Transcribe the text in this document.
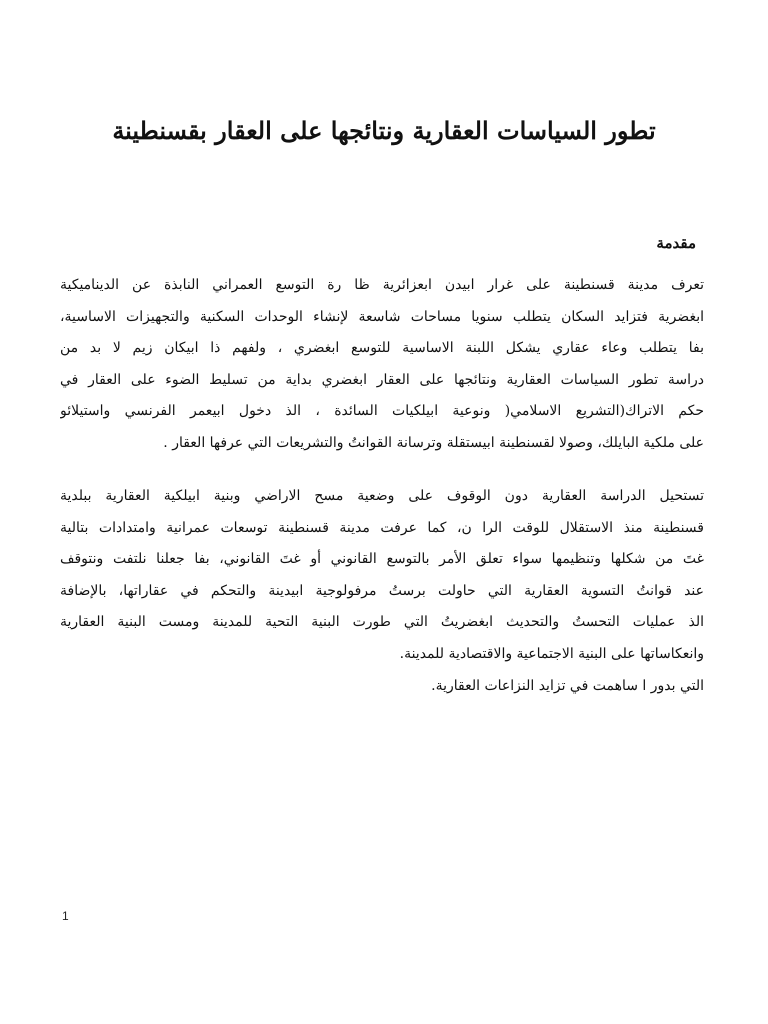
تطور السياسات العقارية ونتائجها على العقار بقسنطينة
مقدمة
تعرف مدينة قسنطينة على غرار ابيدن ابعزائرية ظا رة التوسع العمراني النابذة عن الديناميكية
ابغضرية فتزايد السكان يتطلب سنويا مساحات شاسعة لإنشاء الوحدات السكنية والتجهيزات الاساسية،
بفا يتطلب وعاء عقاري يشكل اللبنة الاساسية للتوسع ابغضري ، ولفهم ذا ابيكان زيم لا بد من
دراسة تطور السياسات العقارية ونتائجها على العقار ابغضري بداية من تسليط الضوء على العقار في
حكم الاتراك(التشريع الاسلامي( ونوعية ابيلكيات السائدة ، الذ دخول ابيعمر الفرنسي واستيلائو
على ملكية البايلك، وصولا لقسنطينة ابيستقلة وترسانة القوانتُ والتشريعات التي عرفها العقار .
تستحيل الدراسة العقارية دون الوقوف على وضعية مسح الاراضي وبنية ابيلكية العقارية ببلدية
قسنطينة منذ الاستقلال للوقت الرا ن، كما عرفت مدينة قسنطينة توسعات عمرانية وامتدادات بتالية
غتَ من شكلها وتنظيمها سواء تعلق الأمر بالتوسع القانوني أو غتَ القانوني، بفا جعلنا نلتفت ونتوقف
عند قوانتُ التسوية العقارية التي حاولت برستُ مرفولوجية ابيدينة والتحكم في عقاراتها، بالإضافة
الذ عمليات التحستُ والتحديث ابغضريتُ التي طورت البنية التحية للمدينة ومست البنية العقارية
وانعكاساتها على البنية الاجتماعية والاقتصادية للمدينة.
التي بدور ا ساهمت في تزايد النزاعات العقارية.
1
